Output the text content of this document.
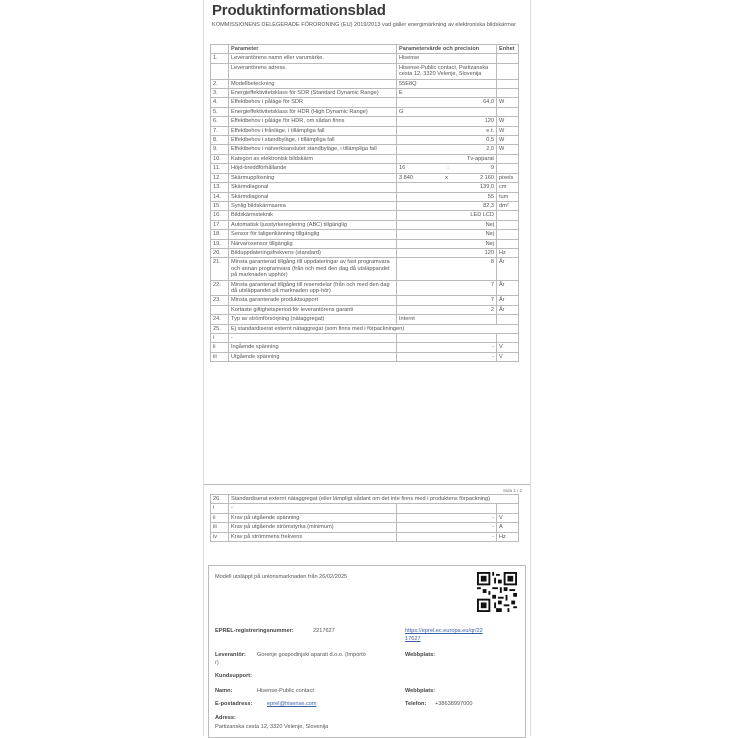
Produktinformationsblad
KOMMISSIONENS DELEGERADE FÖRORDNING (EU) 2019/2013 vad gäller energimärkning av elektroniska bildskärmar
	Parameter	Parametervärde och precision	Enhet
1.	Leverantörens namn eller varumärke.	Hisense	
	Leverantörens adress.	Hisense-Public contact, Partizanska cesta 12, 3320 Velenje, Slovenija	
2.	Modellbeteckning	55E8Q	
3.	Energieffektivitetsklass för SDR (Standard Dynamic Range)	E	
4.	Effektbehov i påläge för SDR	64,0	W
5.	Energieffektivitetsklass för HDR (High Dynamic Range)	G	
6.	Effektbehov i påläge för HDR, om sådan finns	120	W
7.	Effektbehov i frånläge, i tillämpliga fall	e.t.	W
8.	Effektbehov i standbyläge, i tillämpliga fall	0,5	W
9.	Effektbehov i nätverksanslutet standbyläge, i tillämpliga fall	2,0	W
10.	Kategori av elektronisk bildskärm	Tv-apparat	
11.	Höjd-breddförhållande	16 : 9	

12.	Skärmupplösning	3 840 x 2 160	pixels
13.	Skärmdiagonal	139,0	cm
14.	Skärmdiagonal	55	tum
15.	Synlig bildskärmsarea	82,3	dm²
16.	Bildskärmsteknik	LED LCD	
17.	Automatisk ljusstyrkereglering (ABC) tillgänglig	Nej	
18.	Sensor för taligenkänning tillgänglig	Nej	
19.	Närvarosensor tillgänglig	Nej	
20.	Bilduppdateringsfrekvens (standard)	120	Hz
21.	Minsta garanterad tillgång till uppdateringar av fast programvara och annan programvara (från och med den dag då utsläppandet på marknaden upphör)	8	År
22.	Minsta garanterad tillgång till reservdelar (från och med den dag då utsläppandet på marknaden upp-hör)	7	År
23.	Minsta garanterade produktsupport	7	År
	Kortaste giltighetsperiod för leverantörens garanti	2	År
24.	Typ av strömförsörjning (nätaggregat)	Internt	
25.	Ej standardiserat externt nätaggregat (som finns med i förpackningen)		
i	-		
ii	Ingående spänning	-	V
iii	Utgående spänning	-	V
Sida 1 / 2
26.	Standardiserat externt nätaggregat (eller lämpligt sådant om det inte finns med i produktens förpackning)		
i	-		
ii	Krav på utgående spänning	-	V
iii	Krav på utgående strömstyrka (minimum)	-	A
iv	Krav på strömmens frekvens	-	Hz
Modell utsläppt på unionsmarknaden från 26/02/2025
EPREL-registreringsnummer:	2217627	https://eprel.ec.europa.eu/qr/22
17627
Leverantör: Gorenje gospodinjski aparati d.o.o. (Importö
r)
Webbplats:
Kundsupport:
Namn:	Hisense-Public contact	Webbplats:
E-postadress:	eprel@hisense.com	Telefon: +38638997000
Adress:
Partizanska cesta 12, 3320 Velenje, Slovenija
